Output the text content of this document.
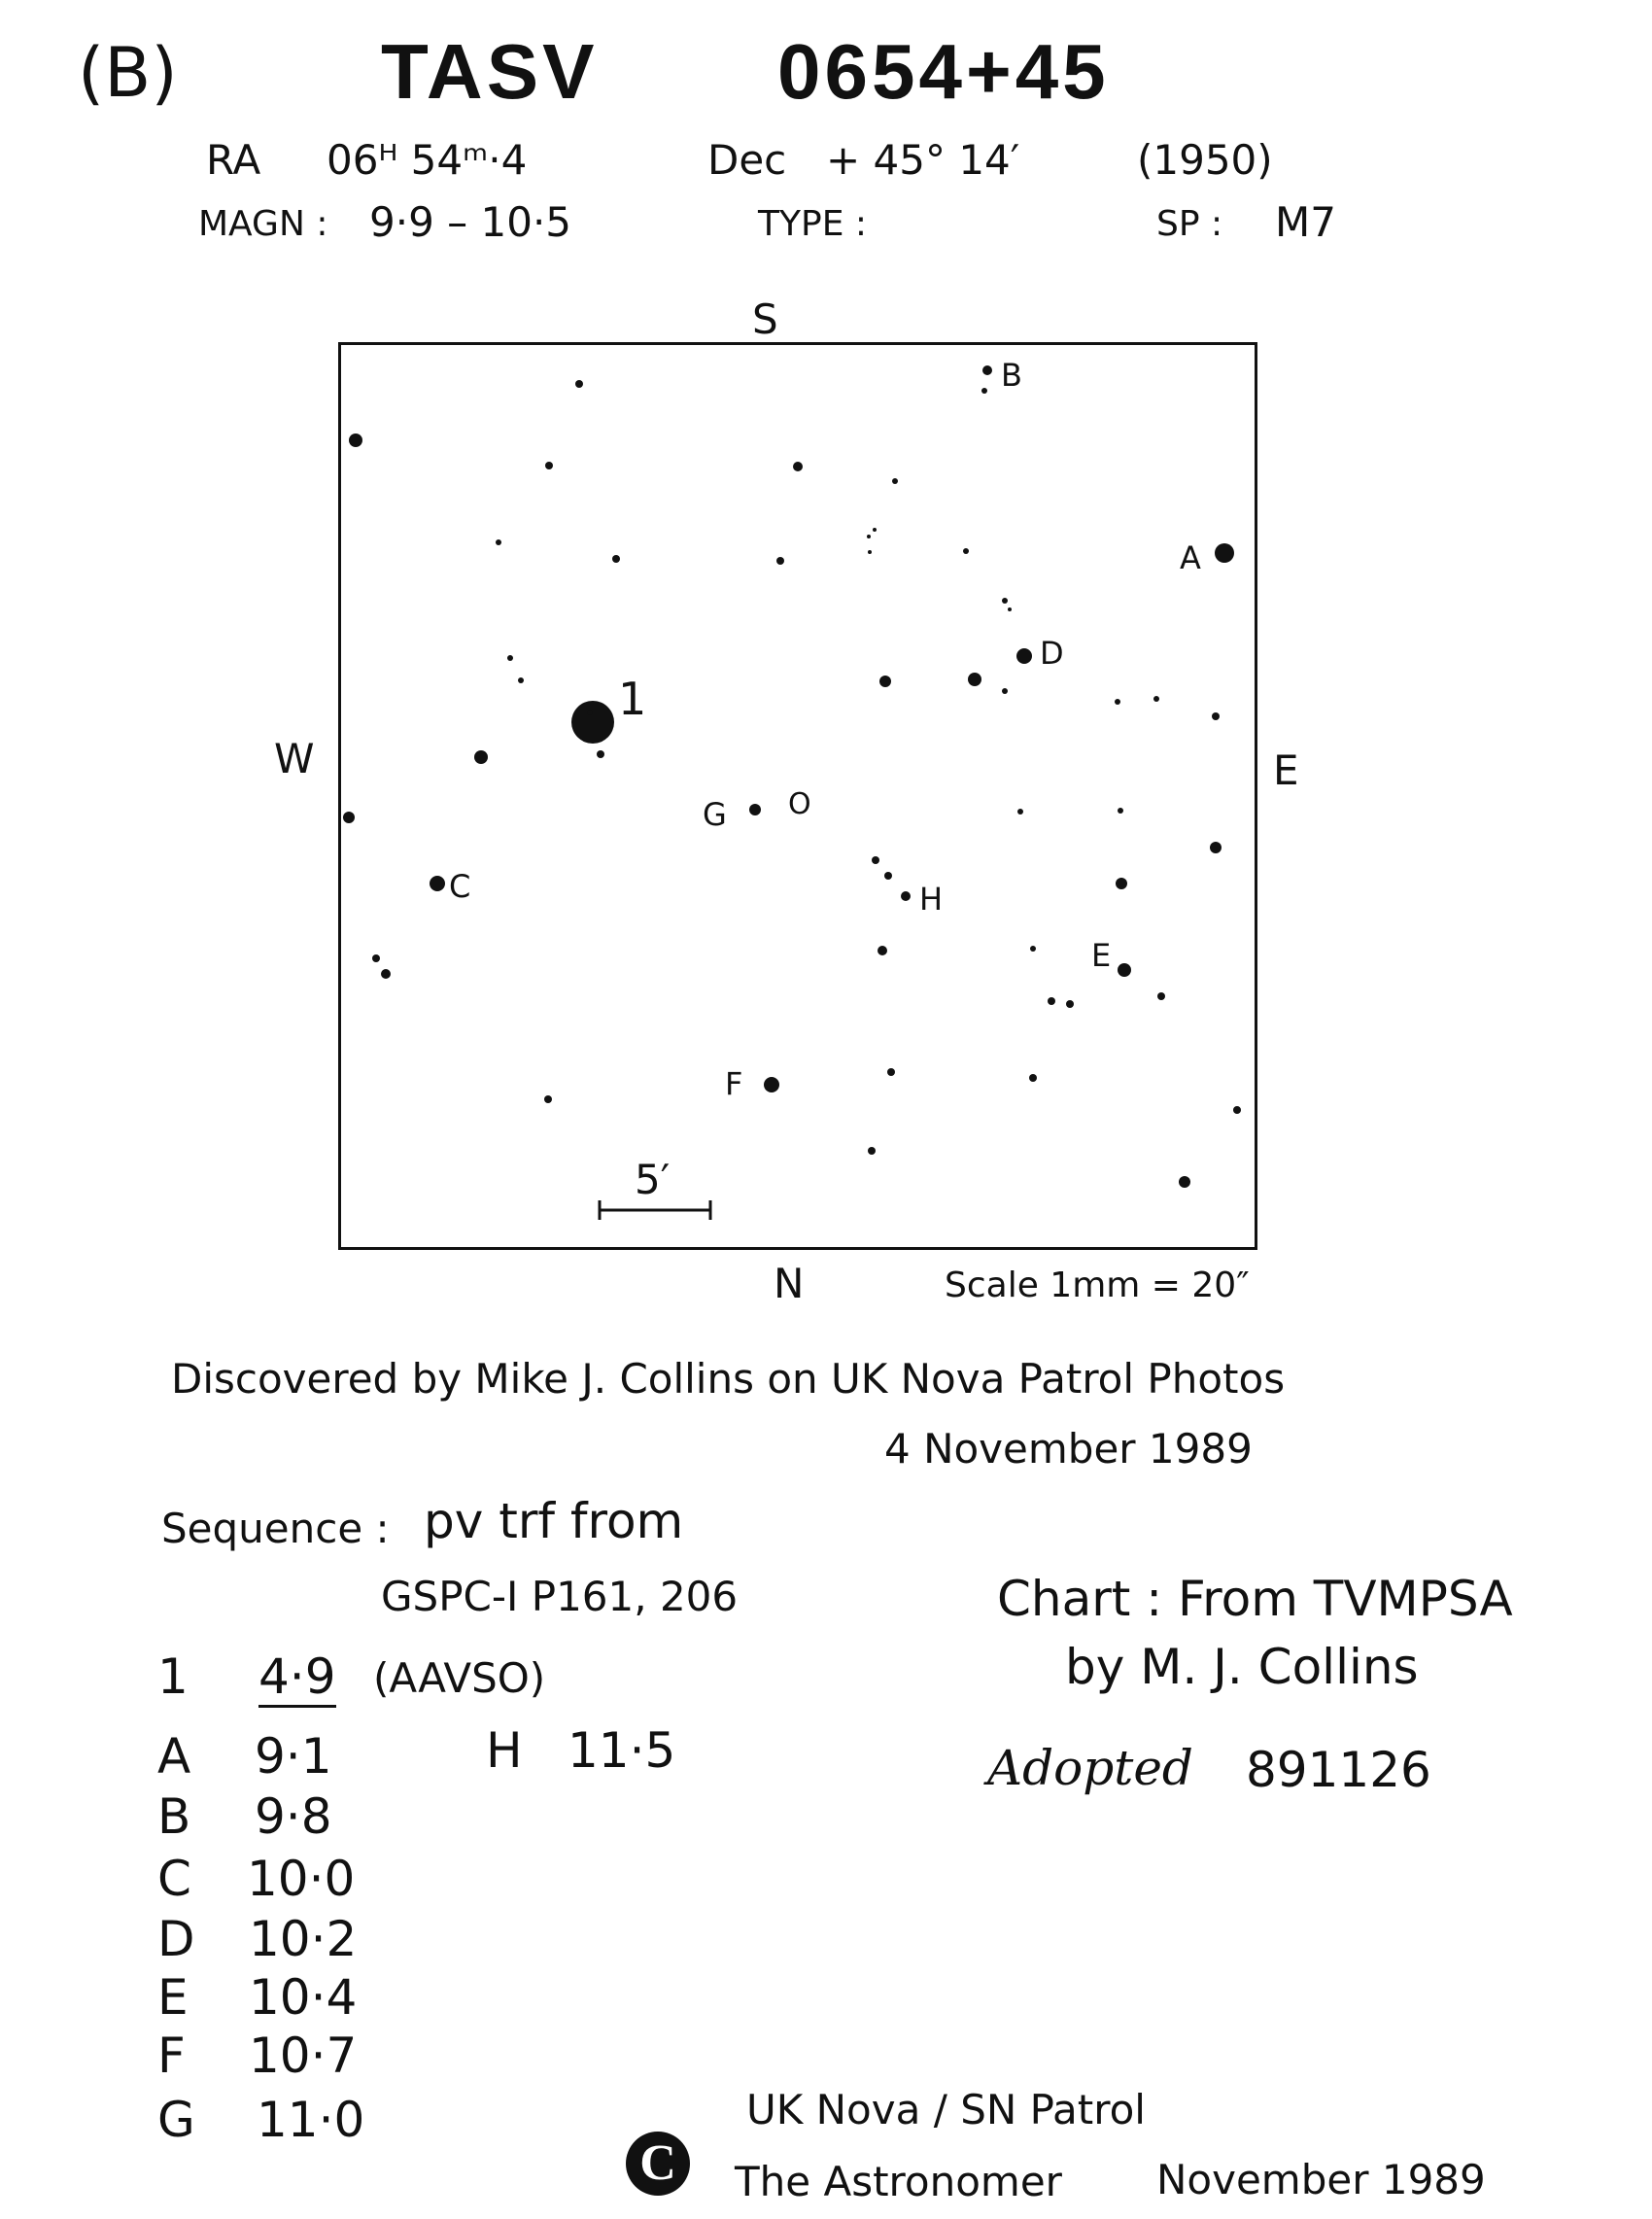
(B)	TASV 0654+45
RA 06ᴴ 54ᵐ·4	Dec + 45° 14′	(1950)
MAGN : 9·9 – 10·5	TYPE :	SP : M7
S
W	E
N
B
A
D
1
G
C	H
E
F
O
5′
Scale 1mm = 20″
Discovered by Mike J. Collins on UK Nova Patrol Photos
4 November 1989
Sequence : pv trf from
GSPC-I P161, 206
1 4·9 (AAVSO)
A 9·1
B 9·8
C 10·0
D 10·2
E 10·4
F 10·7
G 11·0
H 11·5
Chart : From TVMPSA
by M. J. Collins
Adopted 891126
C
UK Nova / SN Patrol
The Astronomer November 1989
